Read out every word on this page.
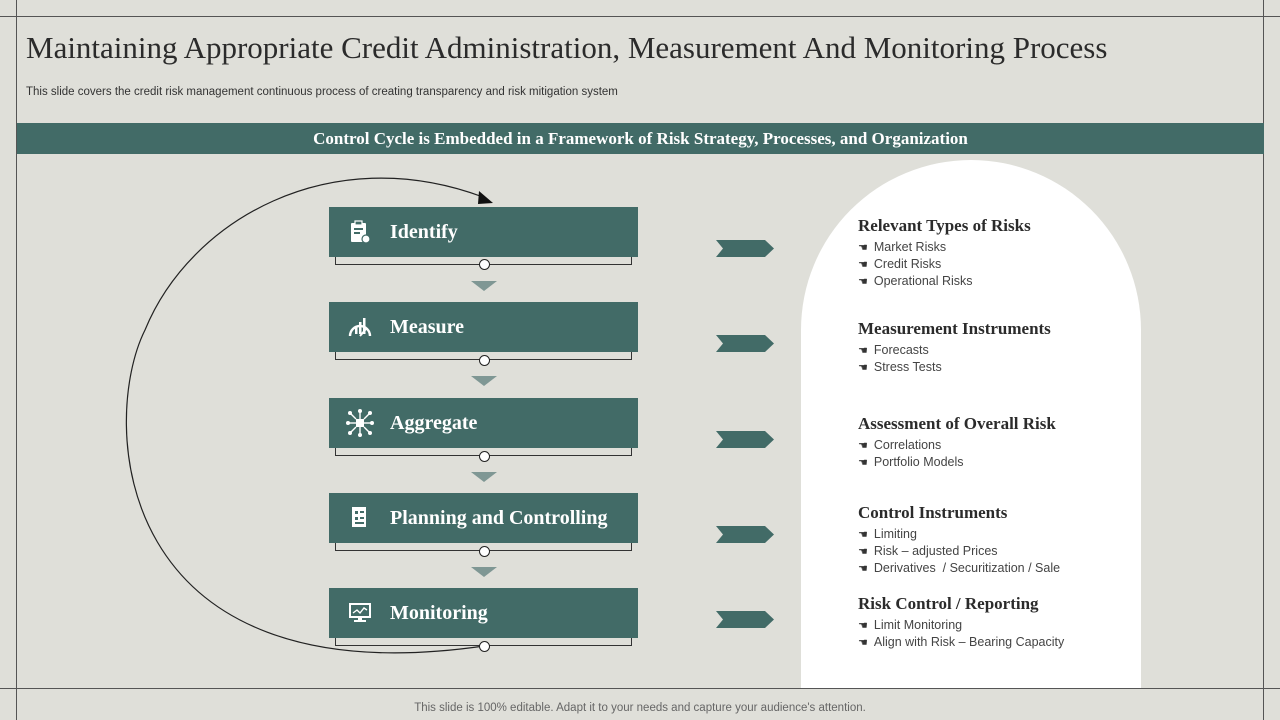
Maintaining Appropriate Credit Administration, Measurement And Monitoring Process
This slide covers the credit risk management continuous process of creating transparency and risk mitigation system
Control Cycle is Embedded in a Framework of Risk Strategy, Processes, and Organization
Identify
Measure
Aggregate
Planning and Controlling
Monitoring
Relevant Types of Risks
☚ Market Risks
☚ Credit Risks
☚ Operational Risks
Measurement Instruments
☚ Forecasts
☚ Stress Tests
Assessment of Overall Risk
☚ Correlations
☚ Portfolio Models
Control Instruments
☚ Limiting
☚ Risk – adjusted Prices
☚ Derivatives  / Securitization / Sale
Risk Control / Reporting
☚ Limit Monitoring
☚ Align with Risk – Bearing Capacity
This slide is 100% editable. Adapt it to your needs and capture your audience's attention.
